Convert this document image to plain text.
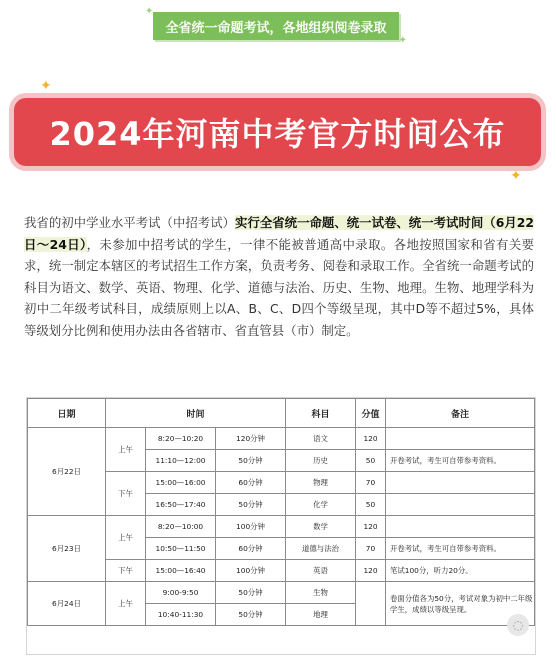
✦
全省统一命题考试，各地组织阅卷录取
✦
✦
2024年河南中考官方时间公布
✦
我省的初中学业水平考试（中招考试）实行全省统一命题、统一试卷、统一考试时间（6月22日～24日），未参加中招考试的学生，一律不能被普通高中录取。各地按照国家和省有关要求，统一制定本辖区的考试招生工作方案，负责考务、阅卷和录取工作。全省统一命题考试的科目为语文、数学、英语、物理、化学、道德与法治、历史、生物、地理。生物、地理学科为初中二年级考试科目，成绩原则上以A、B、C、D四个等级呈现，其中D等不超过5%，具体等级划分比例和使用办法由各省辖市、省直管县（市）制定。
日期	时间			科目	分值	备注
6月22日	上午	8:20—10:20	120分钟	语文	120	
		11:10—12:00	50分钟	历史	50	开卷考试，考生可自带参考资料。
	下午	15:00—16:00	60分钟	物理	70	
		16:50—17:40	50分钟	化学	50	
6月23日	上午	8:20—10:00	100分钟	数学	120	
		10:50—11:50	60分钟	道德与法治	70	开卷考试，考生可自带参考资料。
	下午	15:00—16:40	100分钟	英语	120	笔试100分，听力20分。
6月24日	上午	9:00-9:50	50分钟	生物		卷面分值各为50分，考试对象为初中二年级学生，成绩以等级呈现。
		10:40-11:30	50分钟	地理		
◌
